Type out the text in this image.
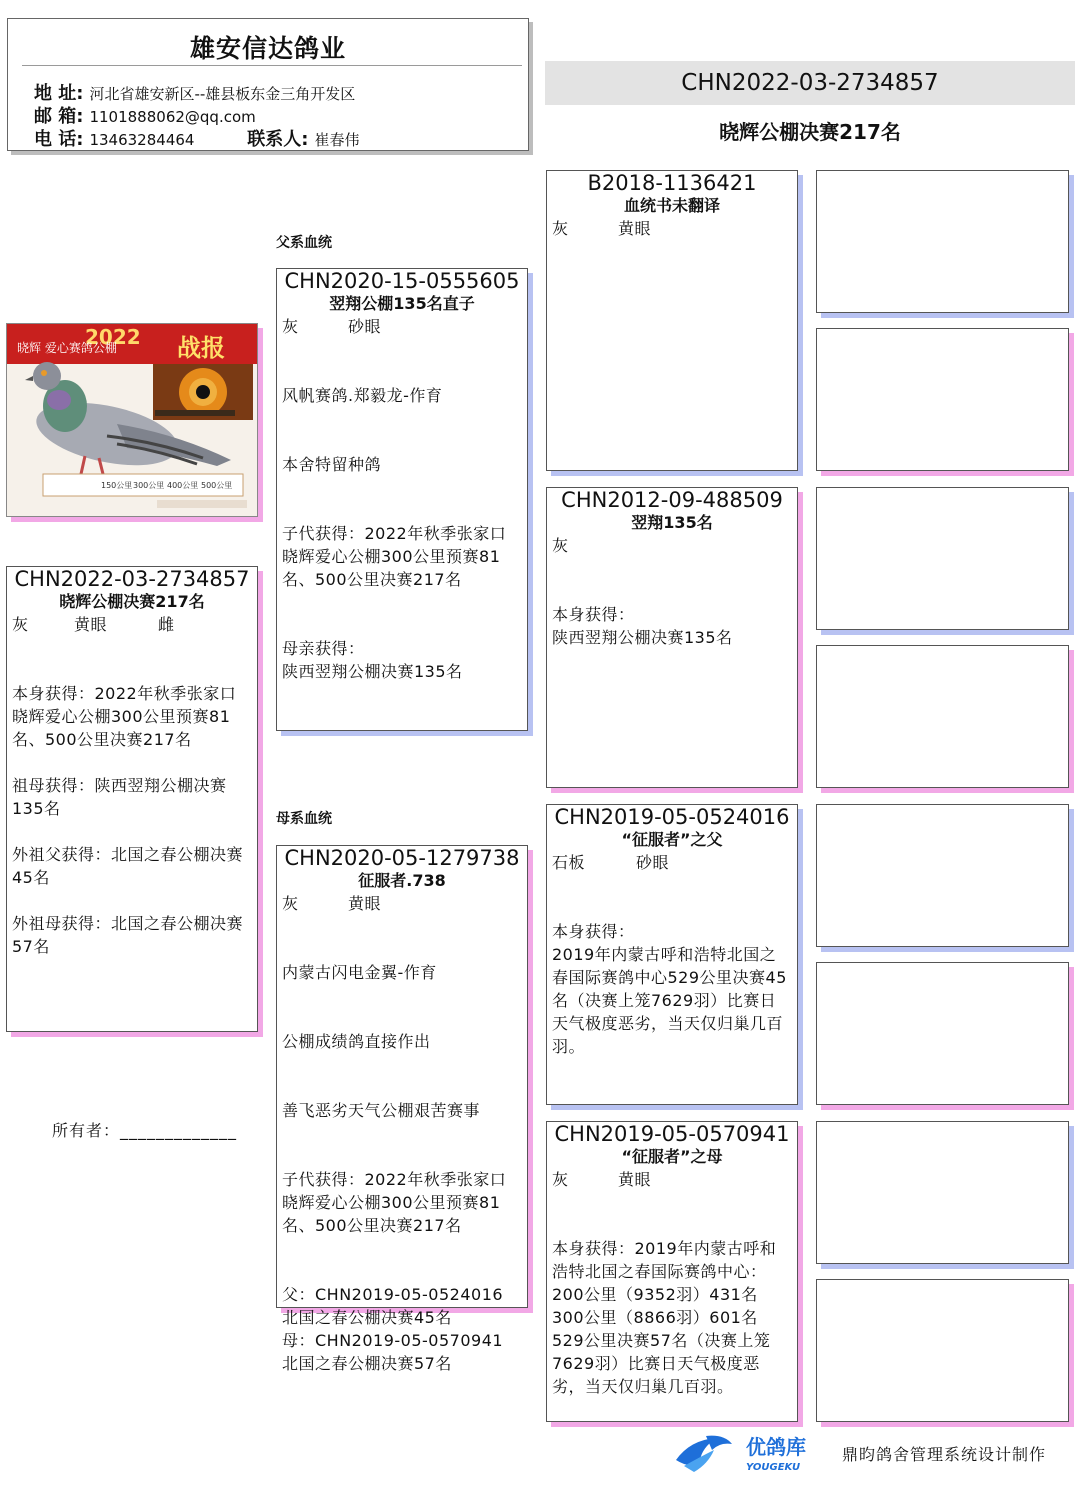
雄安信达鸽业
地 址: 河北省雄安新区--雄县板东金三角开发区
邮 箱: 1101888062@qq.com
电 话: 13463284464	联系人: 崔春伟
CHN2022-03-2734857
晓辉公棚决赛217名
父系血统
母系血统
2022
晓辉 爱心赛鸽公棚	战报
150公里 300公里 400公里 500公里
CHN2022-03-2734857
晓辉公棚决赛217名
灰	黄眼	雌

本身获得：2022年秋季张家口晓辉爱心公棚300公里预赛81名、500公里决赛217名

祖母获得：陕西翌翔公棚决赛135名

外祖父获得：北国之春公棚决赛45名

外祖母获得：北国之春公棚决赛57名

CHN2020-15-0555605
翌翔公棚135名直子
灰	砂眼

风帆赛鸽.郑毅龙-作育

本舍特留种鸽

子代获得：2022年秋季张家口晓辉爱心公棚300公里预赛81名、500公里决赛217名

母亲获得：
陕西翌翔公棚决赛135名

CHN2020-05-1279738
征服者.738
灰	黄眼

内蒙古闪电金翼-作育

公棚成绩鸽直接作出

善飞恶劣天气公棚艰苦赛事

子代获得：2022年秋季张家口晓辉爱心公棚300公里预赛81名、500公里决赛217名

父：CHN2019-05-0524016
北国之春公棚决赛45名
母：CHN2019-05-0570941
北国之春公棚决赛57名

B2018-1136421
血统书未翻译
灰	黄眼
CHN2012-09-488509
翌翔135名
灰

本身获得：
陕西翌翔公棚决赛135名

CHN2019-05-0524016
“征服者”之父
石板	砂眼

本身获得：
2019年内蒙古呼和浩特北国之春国际赛鸽中心529公里决赛45名（决赛上笼7629羽）比赛日天气极度恶劣，当天仅归巢几百羽。

CHN2019-05-0570941
“征服者”之母
灰	黄眼

本身获得：2019年内蒙古呼和浩特北国之春国际赛鸽中心：
200公里（9352羽）431名
300公里（8866羽）601名
529公里决赛57名（决赛上笼7629羽）比赛日天气极度恶劣，当天仅归巢几百羽。

所有者：_____________
优鸽库
YOUGEKU
鼎昀鸽舍管理系统设计制作
